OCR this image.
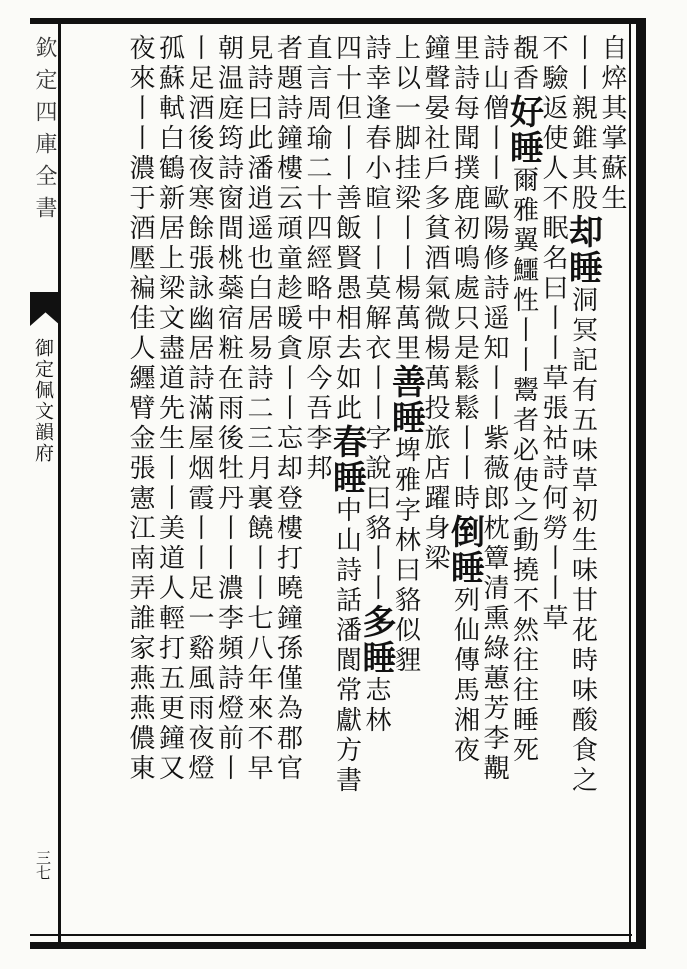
欽定四庫全書
御定佩文韻府
三七
自焠其掌蘇生
丨丨親錐其股却睡洞冥記有五味草初生味甘花時味酸食之
不驗返使人不眠名曰丨丨草張祜詩何勞丨丨草
覩香好睡爾雅翼鱷性丨丨鬻者必使之動撓不然往往睡死
詩山僧丨丨歐陽修詩遥知丨丨紫薇郎枕簟清熏綠蕙芳李覯
里詩每聞撲鹿初鳴處只是鬆鬆丨丨時倒睡列仙傳馬湘夜
鐘聲晏社戶多貧酒氣微楊萬投旅店躍身梁
上以一脚挂梁丨丨楊萬里善睡埤雅字林曰貉似貍
詩幸逢春小暄丨丨莫解衣丨丨字說曰貉丨丨多睡志林
四十但丨丨善飯賢愚相去如此春睡中山詩話潘閬常獻方書
直言周瑜二十四經略中原今吾李邦
者題詩鐘樓云頑童趁暖貪丨丨忘却登樓打曉鐘孫僅為郡官
見詩曰此潘逍遥也白居易詩二三月裏饒丨丨七八年來不早
朝温庭筠詩窗間桃蘂宿粧在雨後牡丹丨丨濃李頻詩燈前丨
丨足酒後夜寒餘張詠幽居詩滿屋烟霞丨丨足一谿風雨夜燈
孤蘇軾白鶴新居上梁文盡道先生丨丨美道人輕打五更鐘又
夜來丨丨濃于酒壓褊佳人纒臂金張憲江南弄誰家燕燕儂東
